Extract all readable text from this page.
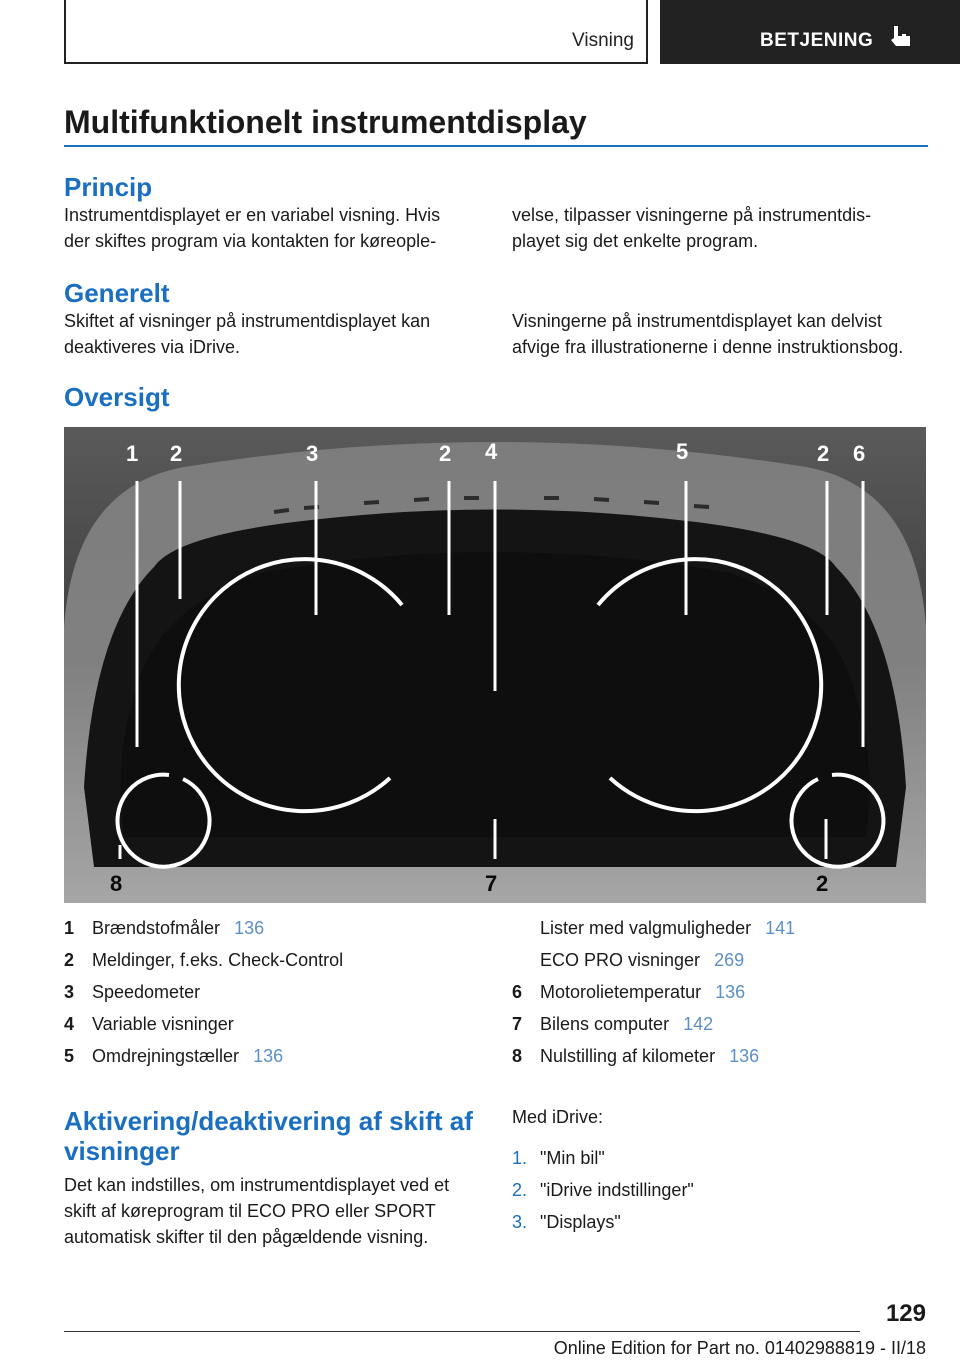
Visning	BETJENING
Multifunktionelt instrumentdisplay
Princip

Instrumentdisplayet er en variabel visning. Hvis der skiftes program via kontakten for køreople-

velse, tilpasser visningerne på instrumentdis- playet sig det enkelte program.

Generelt

Skiftet af visninger på instrumentdisplayet kan deaktiveres via iDrive.

Visningerne på instrumentdisplayet kan delvist afvige fra illustrationerne i denne instruktionsbog.

Oversigt
1 2	3	2 4	5	2 6
8	7	2
1 Brændstofmåler 136
2 Meldinger, f.eks. Check-Control
3 Speedometer
4 Variable visninger
5 Omdrejningstæller 136
Lister med valgmuligheder 141
ECO PRO visninger 269
6 Motorolietemperatur 136
7 Bilens computer 142
8 Nulstilling af kilometer 136
Aktivering/deaktivering af skift af
visninger

Det kan indstilles, om instrumentdisplayet ved et skift af køreprogram til ECO PRO eller SPORT automatisk skifter til den pågældende visning.

Med iDrive:

1. "Min bil"
2. "iDrive indstillinger"
3. "Displays"
129
Online Edition for Part no. 01402988819 - II/18
